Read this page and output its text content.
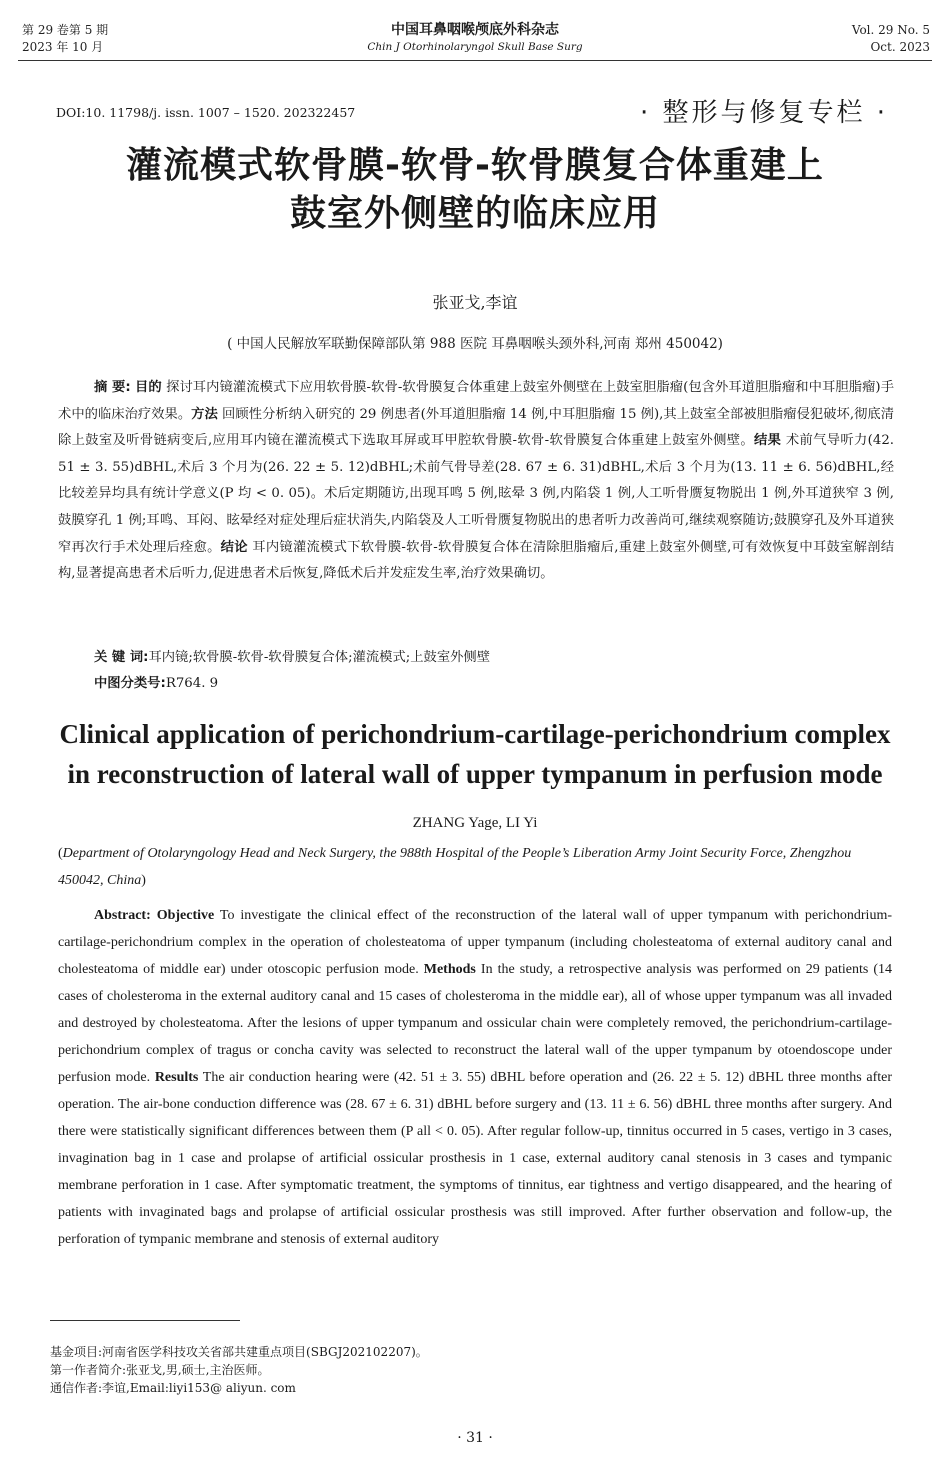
第 29 卷第 5 期
2023 年 10 月
中国耳鼻咽喉颅底外科杂志
Chin J Otorhinolaryngol Skull Base Surg
Vol. 29 No. 5
Oct. 2023
DOI:10. 11798/j. issn. 1007 – 1520. 202322457	· 整形与修复专栏 ·
灌流模式软骨膜-软骨-软骨膜复合体重建上
鼓室外侧壁的临床应用
张亚戈,李谊
( 中国人民解放军联勤保障部队第 988 医院 耳鼻咽喉头颈外科,河南 郑州 450042)
摘 要: 目的 探讨耳内镜灌流模式下应用软骨膜-软骨-软骨膜复合体重建上鼓室外侧壁在上鼓室胆脂瘤(包含外耳道胆脂瘤和中耳胆脂瘤)手术中的临床治疗效果。方法 回顾性分析纳入研究的 29 例患者(外耳道胆脂瘤 14 例,中耳胆脂瘤 15 例),其上鼓室全部被胆脂瘤侵犯破坏,彻底清除上鼓室及听骨链病变后,应用耳内镜在灌流模式下选取耳屏或耳甲腔软骨膜-软骨-软骨膜复合体重建上鼓室外侧壁。结果 术前气导听力(42. 51 ± 3. 55)dBHL,术后 3 个月为(26. 22 ± 5. 12)dBHL;术前气骨导差(28. 67 ± 6. 31)dBHL,术后 3 个月为(13. 11 ± 6. 56)dBHL,经比较差异均具有统计学意义(P 均 < 0. 05)。术后定期随访,出现耳鸣 5 例,眩晕 3 例,内陷袋 1 例,人工听骨赝复物脱出 1 例,外耳道狭窄 3 例,鼓膜穿孔 1 例;耳鸣、耳闷、眩晕经对症处理后症状消失,内陷袋及人工听骨赝复物脱出的患者听力改善尚可,继续观察随访;鼓膜穿孔及外耳道狭窄再次行手术处理后痊愈。结论 耳内镜灌流模式下软骨膜-软骨-软骨膜复合体在清除胆脂瘤后,重建上鼓室外侧壁,可有效恢复中耳鼓室解剖结构,显著提高患者术后听力,促进患者术后恢复,降低术后并发症发生率,治疗效果确切。
关 键 词:耳内镜;软骨膜-软骨-软骨膜复合体;灌流模式;上鼓室外侧壁
中图分类号:R764. 9
Clinical application of perichondrium-cartilage-perichondrium complex
in reconstruction of lateral wall of upper tympanum in perfusion mode
ZHANG Yage, LI Yi
(Department of Otolaryngology Head and Neck Surgery, the 988th Hospital of the People’s Liberation Army Joint Security Force, Zhengzhou 450042, China)
Abstract: Objective To investigate the clinical effect of the reconstruction of the lateral wall of upper tympanum with perichondrium-cartilage-perichondrium complex in the operation of cholesteatoma of upper tympanum (including cholesteatoma of external auditory canal and cholesteatoma of middle ear) under otoscopic perfusion mode. Methods In the study, a retrospective analysis was performed on 29 patients (14 cases of cholesteroma in the external auditory canal and 15 cases of cholesteroma in the middle ear), all of whose upper tympanum was all invaded and destroyed by cholesteatoma. After the lesions of upper tympanum and ossicular chain were completely removed, the perichondrium-cartilage-perichondrium complex of tragus or concha cavity was selected to reconstruct the lateral wall of the upper tympanum by otoendoscope under perfusion mode. Results The air conduction hearing were (42. 51 ± 3. 55) dBHL before operation and (26. 22 ± 5. 12) dBHL three months after operation. The air-bone conduction difference was (28. 67 ± 6. 31) dBHL before surgery and (13. 11 ± 6. 56) dBHL three months after surgery. And there were statistically significant differences between them (P all < 0. 05). After regular follow-up, tinnitus occurred in 5 cases, vertigo in 3 cases, invagination bag in 1 case and prolapse of artificial ossicular prosthesis in 1 case, external auditory canal stenosis in 3 cases and tympanic membrane perforation in 1 case. After symptomatic treatment, the symptoms of tinnitus, ear tightness and vertigo disappeared, and the hearing of patients with invaginated bags and prolapse of artificial ossicular prosthesis was still improved. After further observation and follow-up, the perforation of tympanic membrane and stenosis of external auditory
基金项目:河南省医学科技攻关省部共建重点项目(SBGJ202102207)。
第一作者简介:张亚戈,男,硕士,主治医师。
通信作者:李谊,Email:liyi153@ aliyun. com
· 31 ·
